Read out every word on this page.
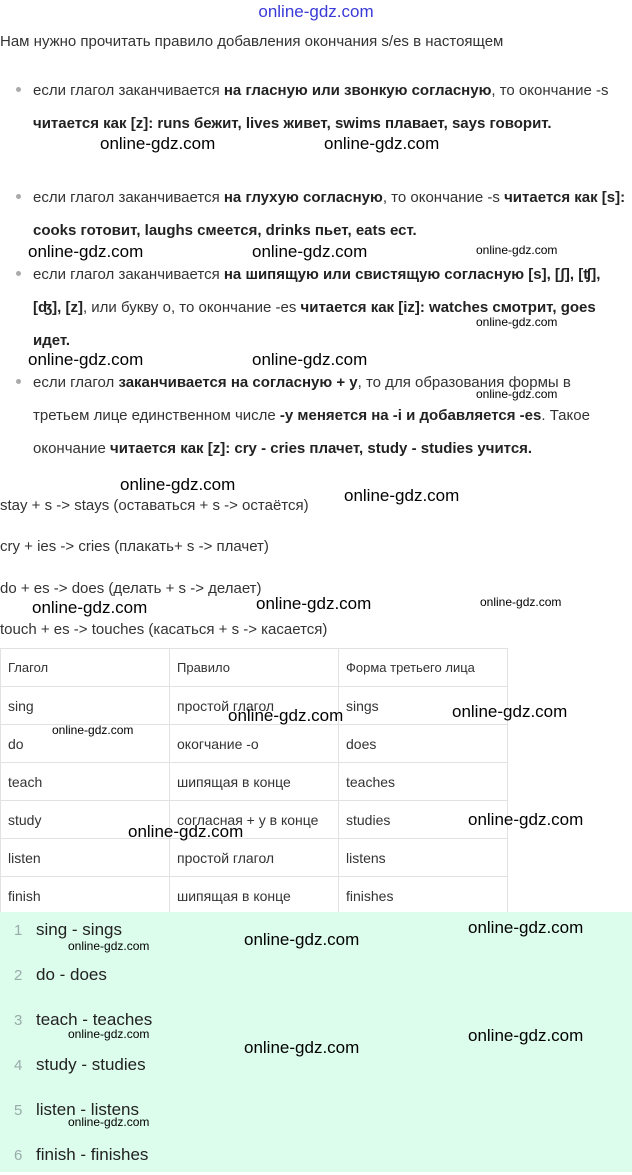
online-gdz.com
Нам нужно прочитать правило добавления окончания s/es в настоящем
если глагол заканчивается на гласную или звонкую согласную, то окончание -s читается как [z]: runs бежит, lives живет, swims плавает, says говорит.
если глагол заканчивается на глухую согласную, то окончание -s читается как [s]: cooks готовит, laughs смеется, drinks пьет, eats ест.
если глагол заканчивается на шипящую или свистящую согласную [s], [ʃ], [ʧ], [ʤ], [z], или букву о, то окончание -es читается как [iz]: watches смотрит, goes идет.
если глагол заканчивается на согласную + y, то для образования формы в третьем лице единственном числе -y меняется на -i и добавляется -es. Такое окончание читается как [z]: cry - cries плачет, study - studies учится.
stay + s -> stays (оставаться + s -> остаётся)
cry + ies -> cries (плакать+ s -> плачет)
do + es -> does (делать + s -> делает)
touch + es -> touches (касаться + s -> касается)
Глагол	Правило	Форма третьего лица
sing	простой глагол	sings
do	окогчание -о	does
teach	шипящая в конце	teaches
study	согласная + y в конце	studies
listen	простой глагол	listens
finish	шипящая в конце	finishes
1 sing - sings
2 do - does
3 teach - teaches
4 study - studies
5 listen - listens
6 finish - finishes
online-gdz.com	online-gdz.com
online-gdz.com	online-gdz.com	online-gdz.com
online-gdz.com
online-gdz.com	online-gdz.com
online-gdz.com
online-gdz.com
online-gdz.com
online-gdz.com	online-gdz.com	online-gdz.com
online-gdz.com	online-gdz.com
online-gdz.com
online-gdz.com
online-gdz.com
online-gdz.com
online-gdz.com
online-gdz.com
online-gdz.com	online-gdz.com
online-gdz.com
online-gdz.com
